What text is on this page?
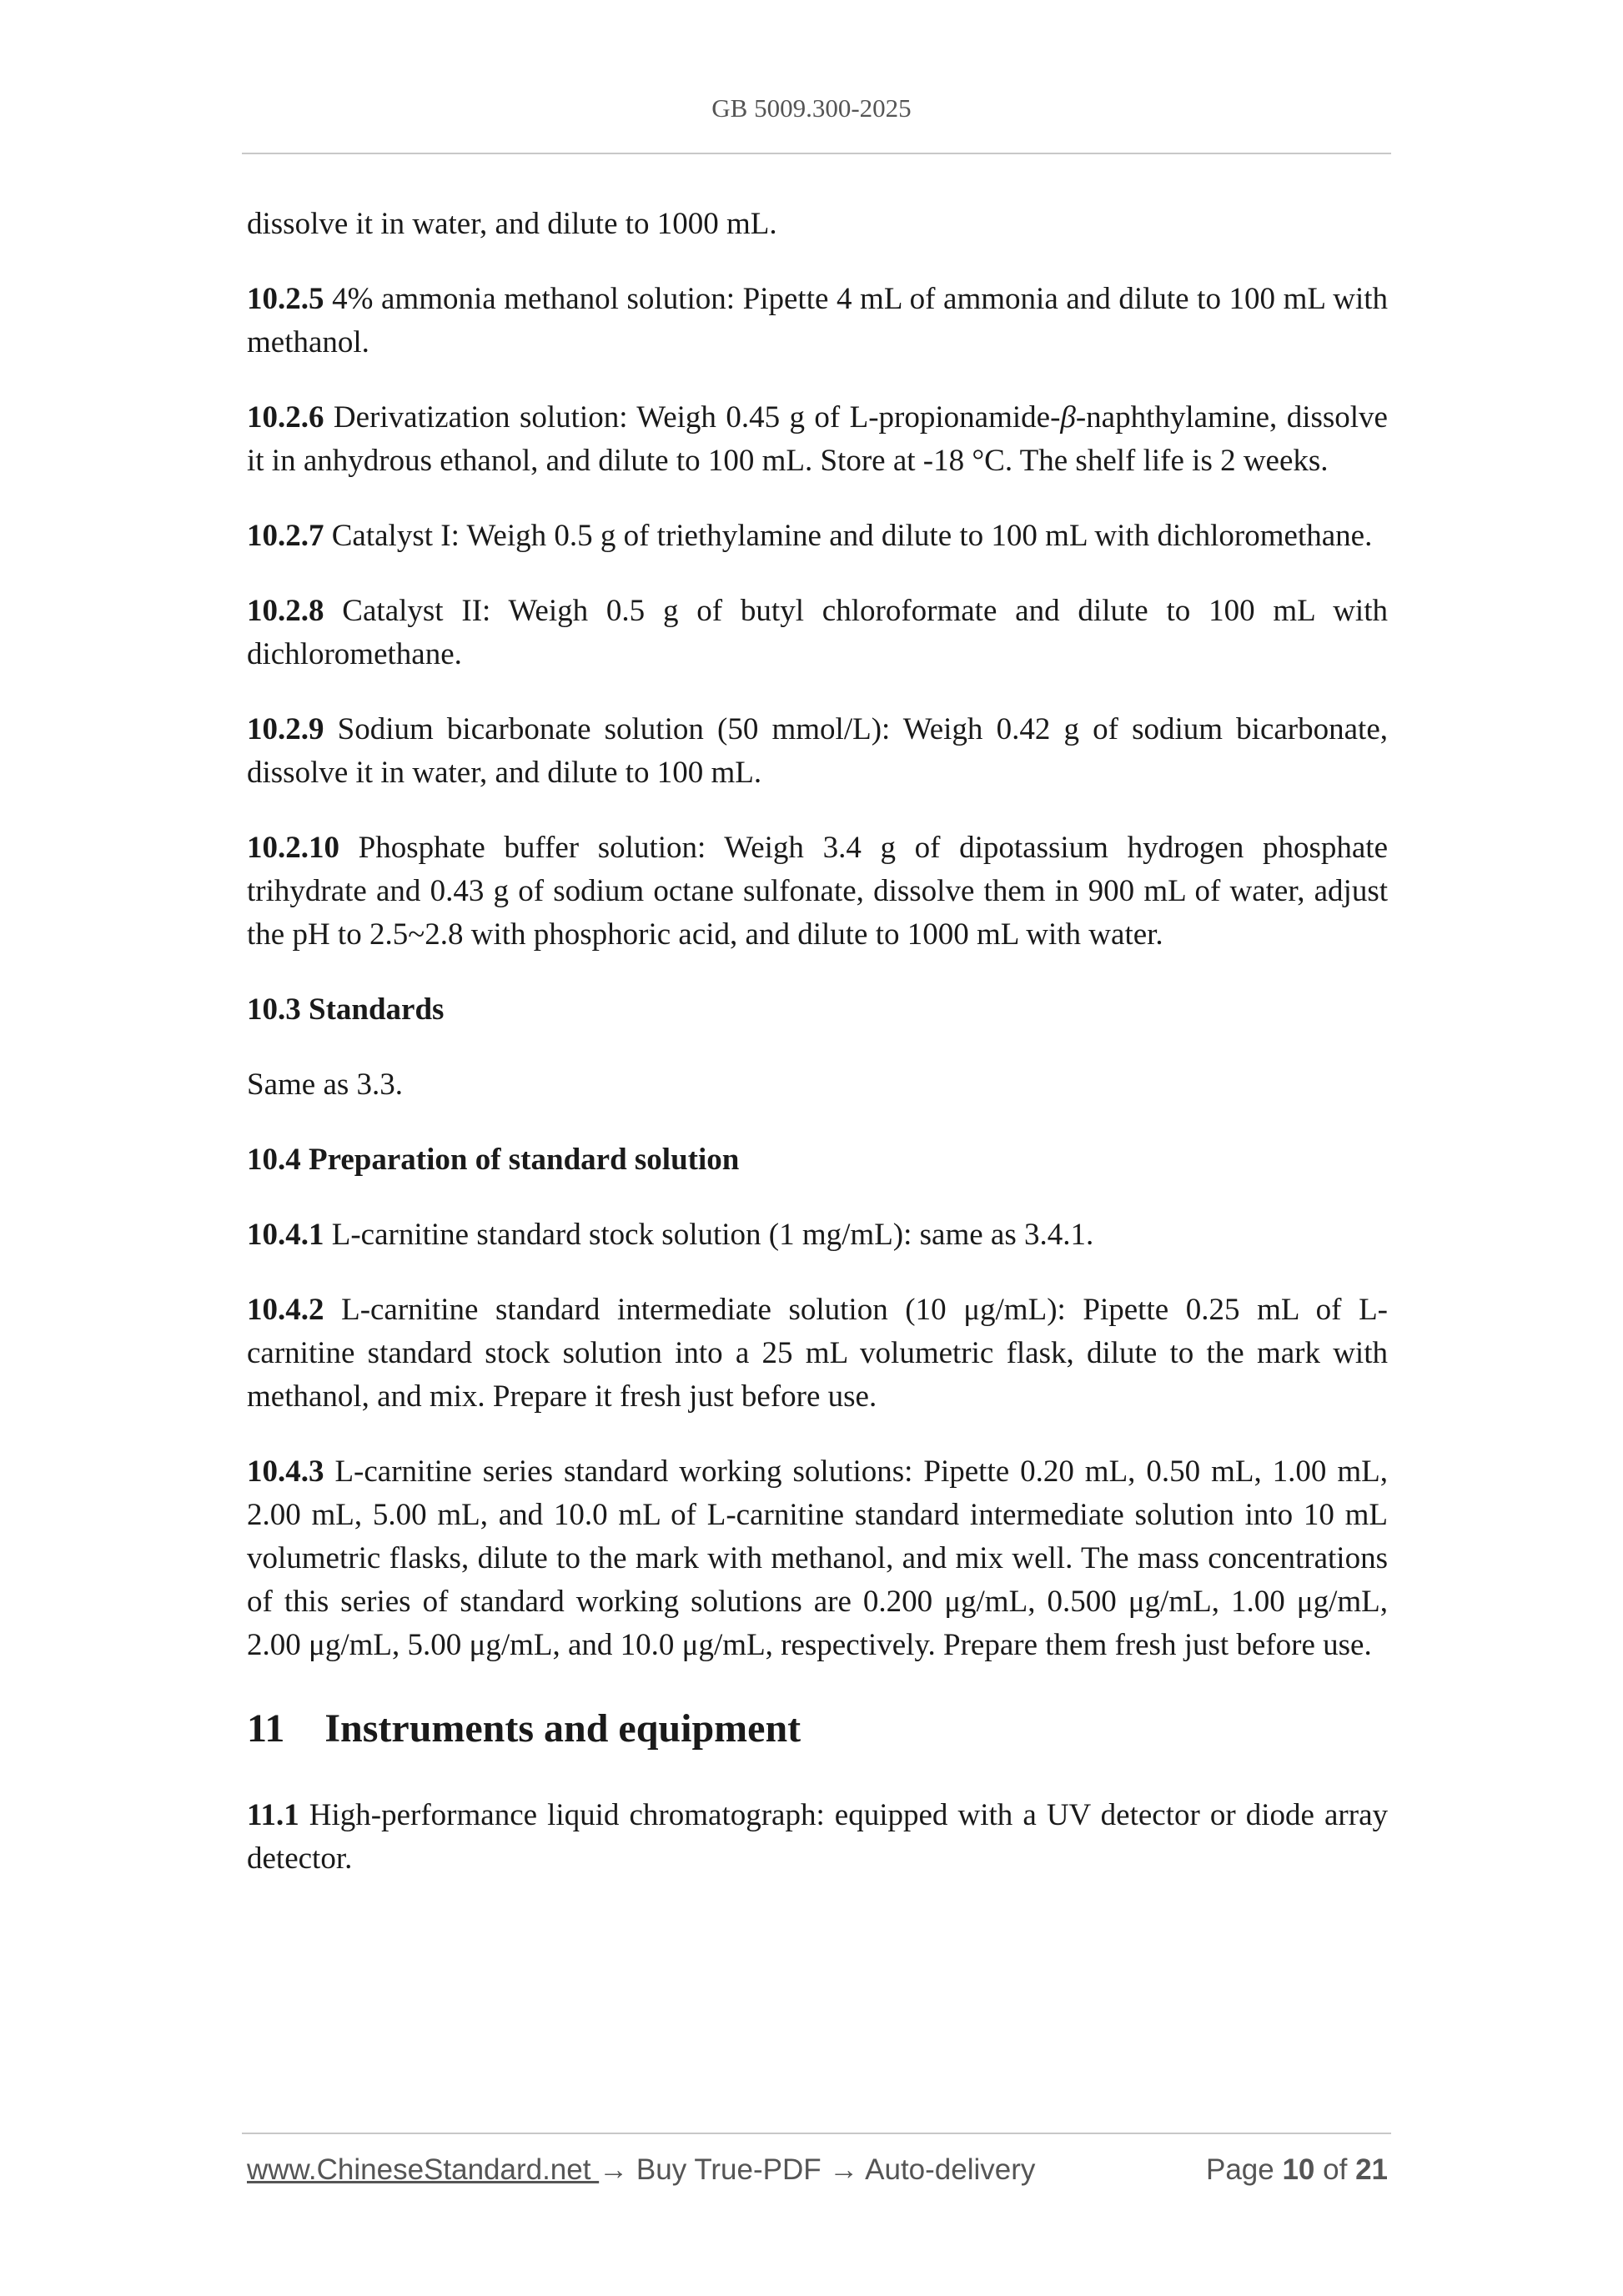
GB 5009.300-2025

dissolve it in water, and dilute to 1000 mL.

10.2.5 4% ammonia methanol solution: Pipette 4 mL of ammonia and dilute to 100 mL with methanol.

10.2.6 Derivatization solution: Weigh 0.45 g of L-propionamide-β-naphthylamine, dissolve it in anhydrous ethanol, and dilute to 100 mL. Store at -18 °C. The shelf life is 2 weeks.

10.2.7 Catalyst I: Weigh 0.5 g of triethylamine and dilute to 100 mL with dichloromethane.

10.2.8 Catalyst II: Weigh 0.5 g of butyl chloroformate and dilute to 100 mL with dichloromethane.

10.2.9 Sodium bicarbonate solution (50 mmol/L): Weigh 0.42 g of sodium bicarbonate, dissolve it in water, and dilute to 100 mL.

10.2.10 Phosphate buffer solution: Weigh 3.4 g of dipotassium hydrogen phosphate trihydrate and 0.43 g of sodium octane sulfonate, dissolve them in 900 mL of water, adjust the pH to 2.5~2.8 with phosphoric acid, and dilute to 1000 mL with water.

10.3 Standards

Same as 3.3.

10.4 Preparation of standard solution

10.4.1 L-carnitine standard stock solution (1 mg/mL): same as 3.4.1.

10.4.2 L-carnitine standard intermediate solution (10 μg/mL): Pipette 0.25 mL of L-carnitine standard stock solution into a 25 mL volumetric flask, dilute to the mark with methanol, and mix. Prepare it fresh just before use.

10.4.3 L-carnitine series standard working solutions: Pipette 0.20 mL, 0.50 mL, 1.00 mL, 2.00 mL, 5.00 mL, and 10.0 mL of L-carnitine standard intermediate solution into 10 mL volumetric flasks, dilute to the mark with methanol, and mix well. The mass concentrations of this series of standard working solutions are 0.200 μg/mL, 0.500 μg/mL, 1.00 μg/mL, 2.00 μg/mL, 5.00 μg/mL, and 10.0 μg/mL, respectively. Prepare them fresh just before use.

11    Instruments and equipment

11.1 High-performance liquid chromatograph: equipped with a UV detector or diode array detector.

www.ChineseStandard.net → Buy True-PDF → Auto-delivery	Page 10 of 21
